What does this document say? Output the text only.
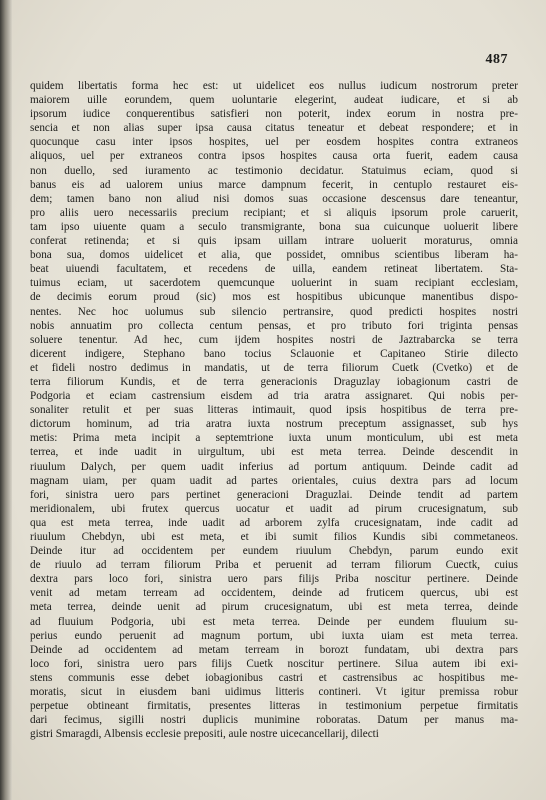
487
quidem libertatis forma hec est: ut uidelicet eos nullus iudicum nostrorum preter
maiorem uille eorundem, quem uoluntarie elegerint, audeat iudicare, et si ab
ipsorum iudice conquerentibus satisfieri non poterit, index eorum in nostra pre-
sencia et non alias super ipsa causa citatus teneatur et debeat respondere; et in
quocunque casu inter ipsos hospites, uel per eosdem hospites contra extraneos
aliquos, uel per extraneos contra ipsos hospites causa orta fuerit, eadem causa
non duello, sed iuramento ac testimonio decidatur. Statuimus eciam, quod si
banus eis ad ualorem unius marce dampnum fecerit, in centuplo restauret eis-
dem; tamen bano non aliud nisi domos suas occasione descensus dare teneantur,
pro aliis uero necessariis precium recipiant; et si aliquis ipsorum prole caruerit,
tam ipso uiuente quam a seculo transmigrante, bona sua cuicunque uoluerit libere
conferat retinenda; et si quis ipsam uillam intrare uoluerit moraturus, omnia
bona sua, domos uidelicet et alia, que possidet, omnibus scientibus liberam ha-
beat uiuendi facultatem, et recedens de uilla, eandem retineat libertatem. Sta-
tuimus eciam, ut sacerdotem quemcunque uoluerint in suam recipiant ecclesiam,
de decimis eorum proud (sic) mos est hospitibus ubicunque manentibus dispo-
nentes. Nec hoc uolumus sub silencio pertransire, quod predicti hospites nostri
nobis annuatim pro collecta centum pensas, et pro tributo fori triginta pensas
soluere tenentur. Ad hec, cum ijdem hospites nostri de Jaztrabarcka se terra
dicerent indigere, Stephano bano tocius Sclauonie et Capitaneo Stirie dilecto
et fideli nostro dedimus in mandatis, ut de terra filiorum Cuetk (Cvetko) et de
terra filiorum Kundis, et de terra generacionis Draguzlay iobagionum castri de
Podgoria et eciam castrensium eisdem ad tria aratra assignaret. Qui nobis per-
sonaliter retulit et per suas litteras intimauit, quod ipsis hospitibus de terra pre-
dictorum hominum, ad tria aratra iuxta nostrum preceptum assignasset, sub hys
metis: Prima meta incipit a septemtrione iuxta unum monticulum, ubi est meta
terrea, et inde uadit in uirgultum, ubi est meta terrea. Deinde descendit in
riuulum Dalych, per quem uadit inferius ad portum antiquum. Deinde cadit ad
magnam uiam, per quam uadit ad partes orientales, cuius dextra pars ad locum
fori, sinistra uero pars pertinet generacioni Draguzlai. Deinde tendit ad partem
meridionalem, ubi frutex quercus uocatur et uadit ad pirum crucesignatum, sub
qua est meta terrea, inde uadit ad arborem zylfa crucesignatam, inde cadit ad
riuulum Chebdyn, ubi est meta, et ibi sumit filios Kundis sibi commetaneos.
Deinde itur ad occidentem per eundem riuulum Chebdyn, parum eundo exit
de riuulo ad terram filiorum Priba et peruenit ad terram filiorum Cuectk, cuius
dextra pars loco fori, sinistra uero pars filijs Priba noscitur pertinere. Deinde
venit ad metam terream ad occidentem, deinde ad fruticem quercus, ubi est
meta terrea, deinde uenit ad pirum crucesignatum, ubi est meta terrea, deinde
ad fluuium Podgoria, ubi est meta terrea. Deinde per eundem fluuium su-
perius eundo peruenit ad magnum portum, ubi iuxta uiam est meta terrea.
Deinde ad occidentem ad metam terream in borozt fundatam, ubi dextra pars
loco fori, sinistra uero pars filijs Cuetk noscitur pertinere. Silua autem ibi exi-
stens communis esse debet iobagionibus castri et castrensibus ac hospitibus me-
moratis, sicut in eiusdem bani uidimus litteris contineri. Vt igitur premissa robur
perpetue obtineant firmitatis, presentes litteras in testimonium perpetue firmitatis
dari fecimus, sigilli nostri duplicis munimine roboratas. Datum per manus ma-
gistri Smaragdi, Albensis ecclesie prepositi, aule nostre uicecancellarij, dilecti
